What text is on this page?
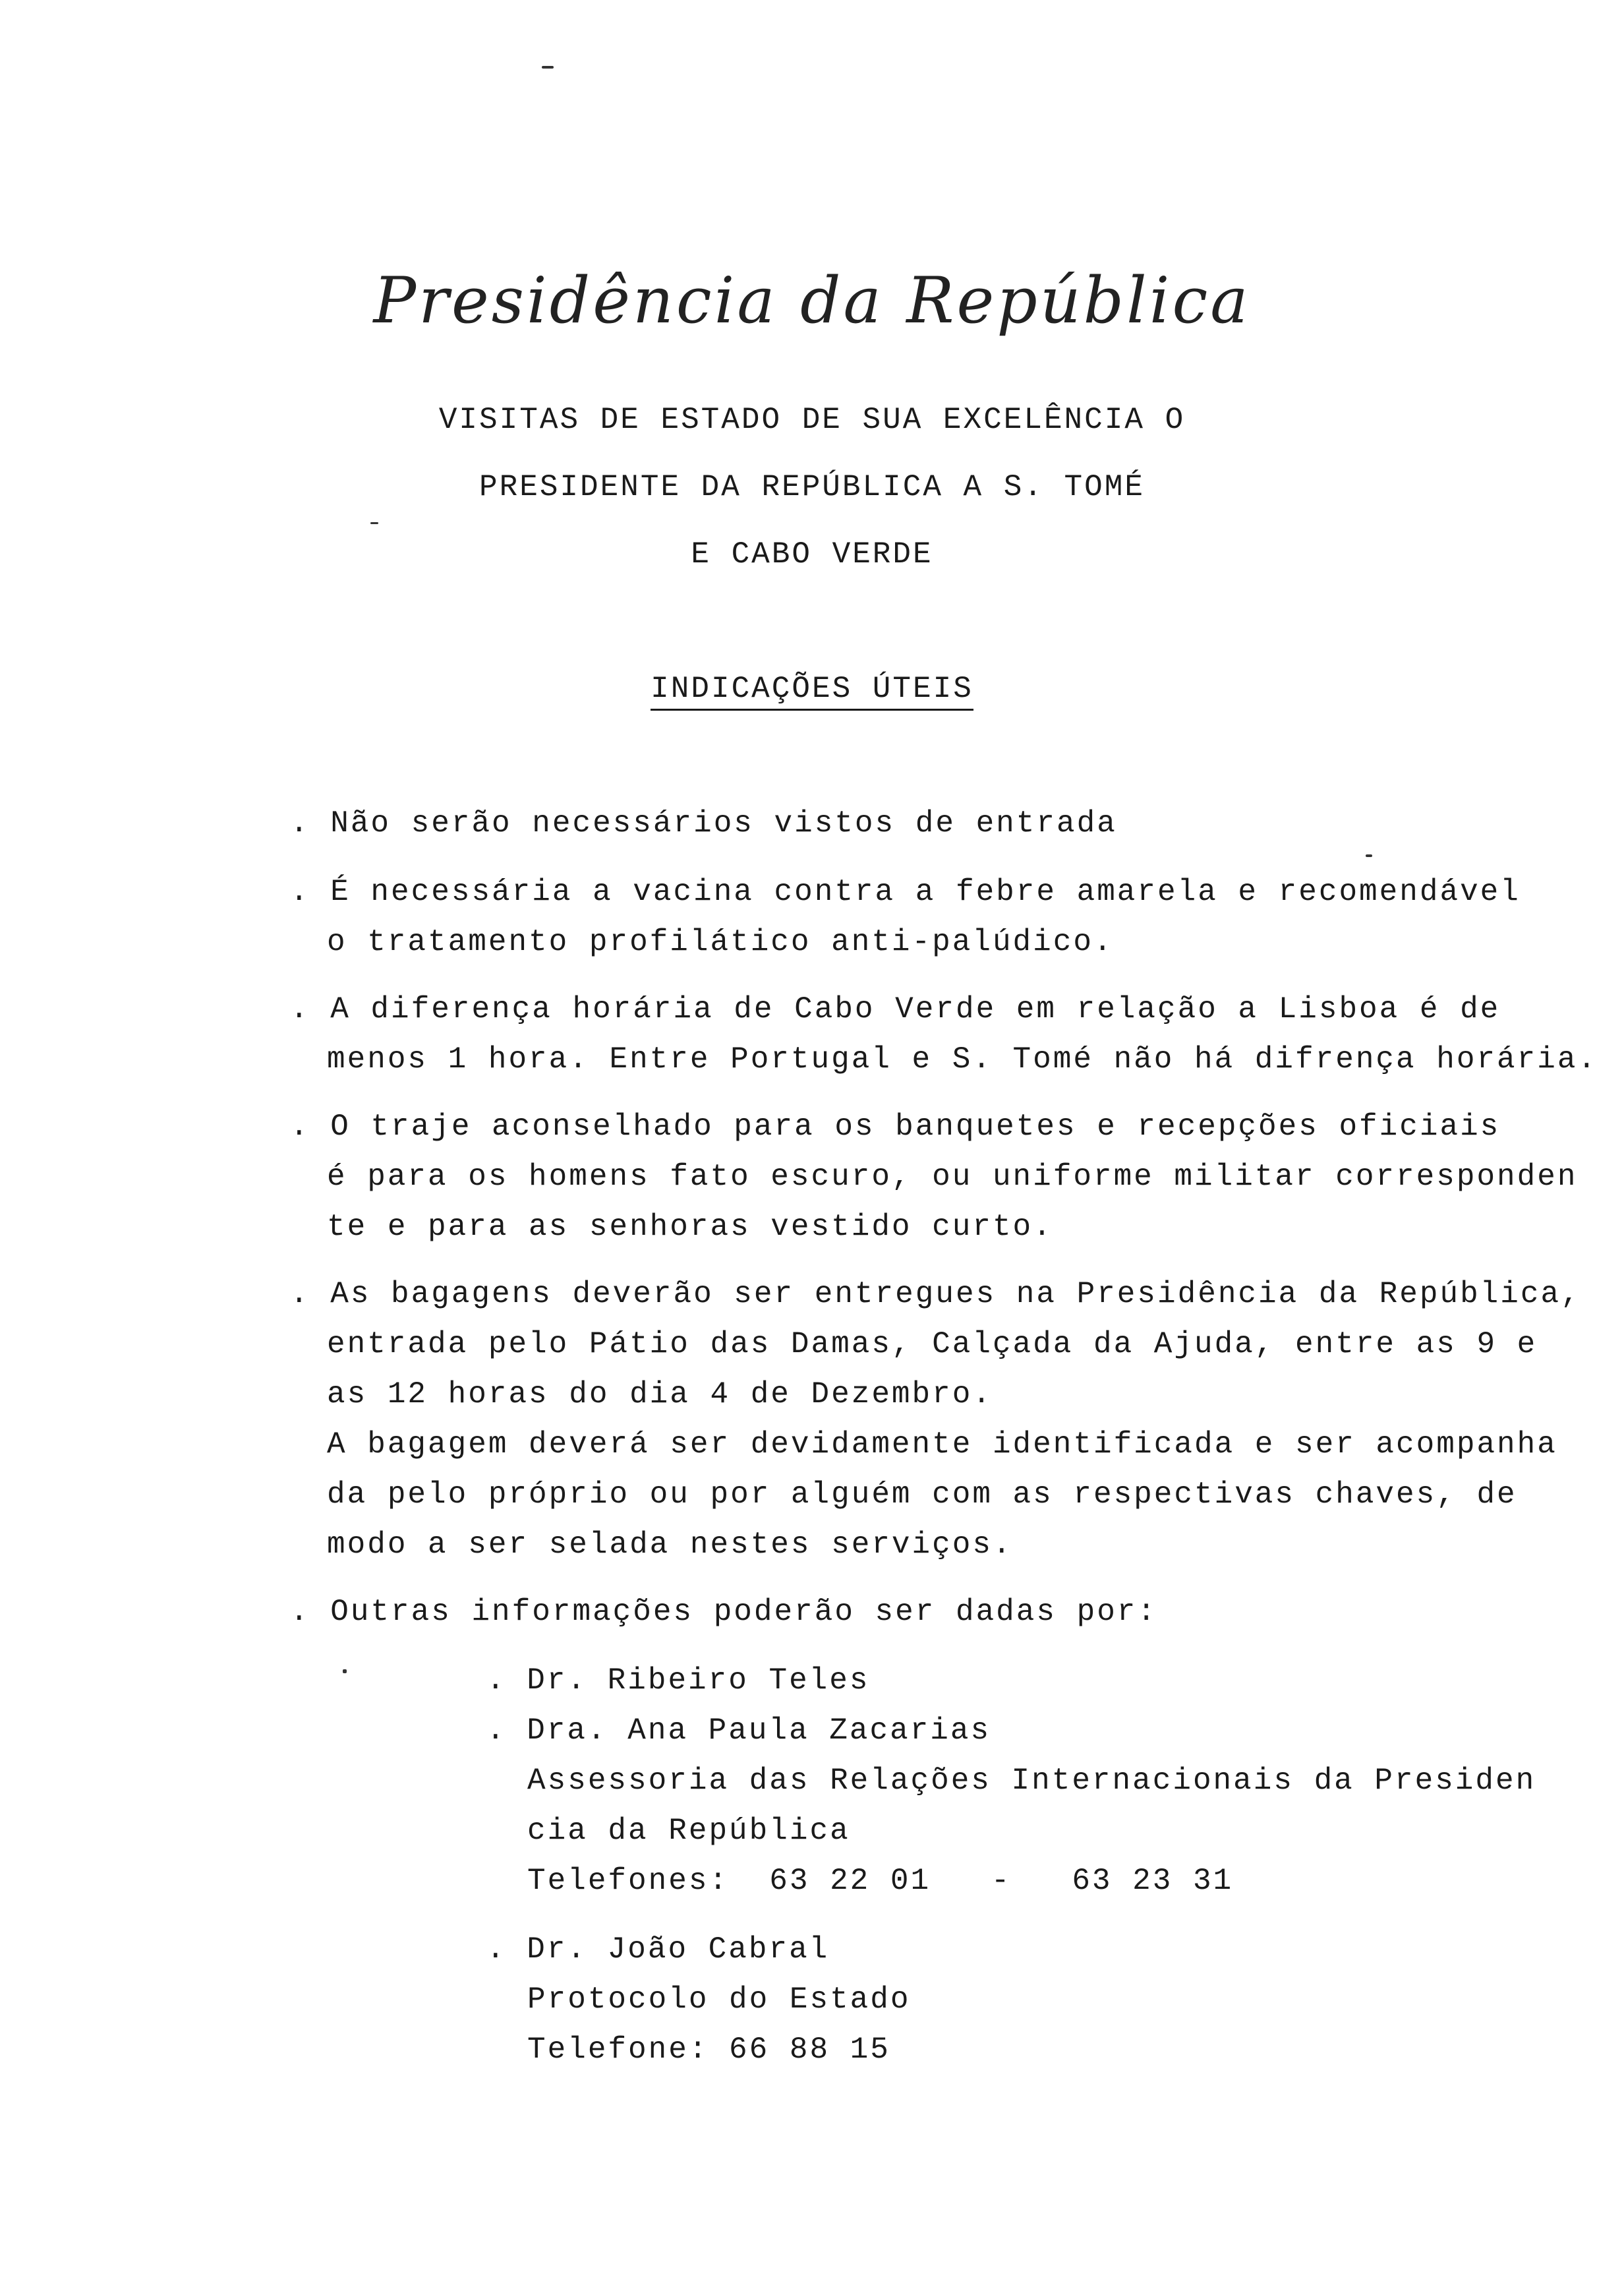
Presidência da República
VISITAS DE ESTADO DE SUA EXCELÊNCIA O
PRESIDENTE DA REPÚBLICA A S. TOMÉ
E CABO VERDE
INDICAÇÕES ÚTEIS
. Não serão necessários vistos de entrada
. É necessária a vacina contra a febre amarela e recomendável
o tratamento profilático anti-palúdico.
. A diferença horária de Cabo Verde em relação a Lisboa é de
menos 1 hora. Entre Portugal e S. Tomé não há difrença horária.
. O traje aconselhado para os banquetes e recepções oficiais
é para os homens fato escuro, ou uniforme militar corresponden
te e para as senhoras vestido curto.
. As bagagens deverão ser entregues na Presidência da República,
entrada pelo Pátio das Damas, Calçada da Ajuda, entre as 9 e
as 12 horas do dia 4 de Dezembro.
A bagagem deverá ser devidamente identificada e ser acompanha
da pelo próprio ou por alguém com as respectivas chaves, de
modo a ser selada nestes serviços.
. Outras informações poderão ser dadas por:
. Dr. Ribeiro Teles
. Dra. Ana Paula Zacarias
Assessoria das Relações Internacionais da Presiden
cia da República
Telefones:  63 22 01   -   63 23 31
. Dr. João Cabral
Protocolo do Estado
Telefone: 66 88 15
